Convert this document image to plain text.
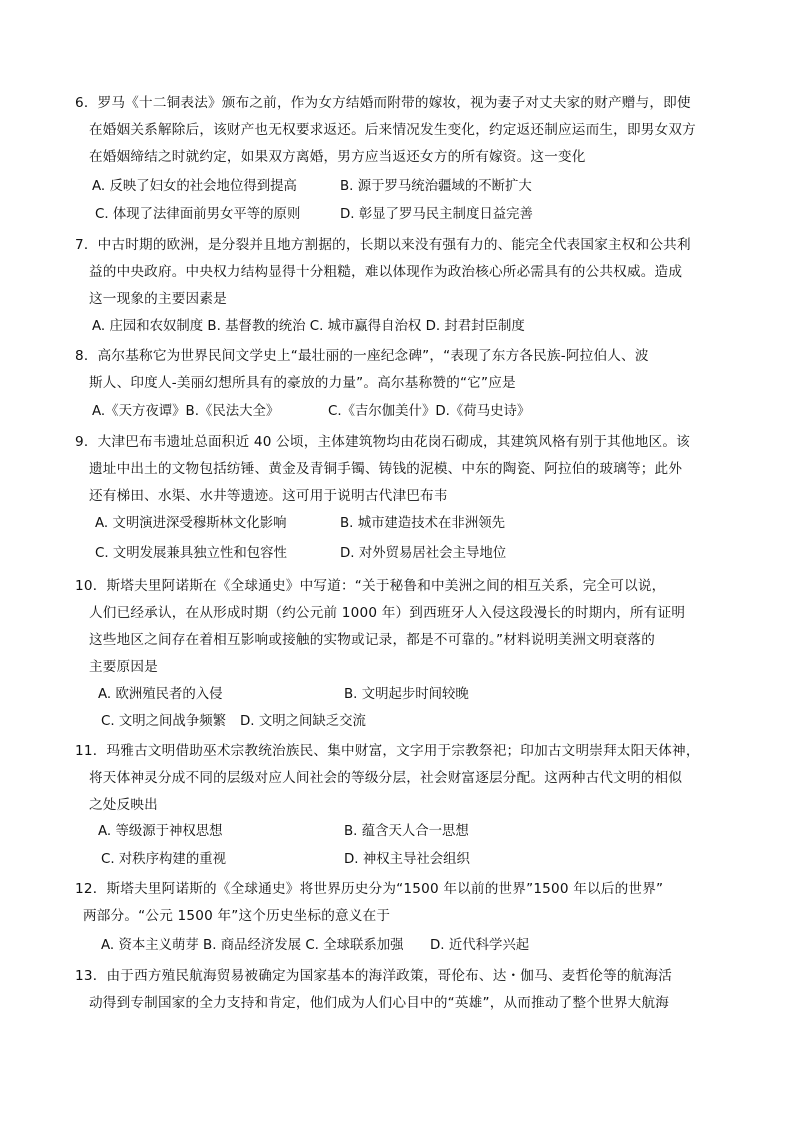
6．罗马《十二铜表法》颁布之前，作为女方结婚而附带的嫁妆，视为妻子对丈夫家的财产赠与，即使
在婚姻关系解除后，该财产也无权要求返还。后来情况发生变化，约定返还制应运而生，即男女双方
在婚姻缔结之时就约定，如果双方离婚，男方应当返还女方的所有嫁资。这一变化
A. 反映了妇女的社会地位得到提高	B. 源于罗马统治疆域的不断扩大
C. 体现了法律面前男女平等的原则	D. 彰显了罗马民主制度日益完善
7．中古时期的欧洲，是分裂并且地方割据的，长期以来没有强有力的、能完全代表国家主权和公共利
益的中央政府。中央权力结构显得十分粗糙，难以体现作为政治核心所必需具有的公共权威。造成
这一现象的主要因素是
A. 庄园和农奴制度 B. 基督教的统治 C. 城市赢得自治权 D. 封君封臣制度
8．高尔基称它为世界民间文学史上“最壮丽的一座纪念碑”，“表现了东方各民族-阿拉伯人、波
斯人、印度人-美丽幻想所具有的豪放的力量”。高尔基称赞的“它”应是
A.《天方夜谭》B.《民法大全》	C.《吉尔伽美什》D.《荷马史诗》
9．大津巴布韦遗址总面积近 40 公顷，主体建筑物均由花岗石砌成，其建筑风格有别于其他地区。该
遗址中出土的文物包括纺锤、黄金及青铜手镯、铸钱的泥模、中东的陶瓷、阿拉伯的玻璃等；此外
还有梯田、水渠、水井等遗迹。这可用于说明古代津巴布韦
A. 文明演进深受穆斯林文化影响	B. 城市建造技术在非洲领先
C. 文明发展兼具独立性和包容性	D. 对外贸易居社会主导地位
10．斯塔夫里阿诺斯在《全球通史》中写道：“关于秘鲁和中美洲之间的相互关系，完全可以说，
人们已经承认，在从形成时期（约公元前 1000 年）到西班牙人入侵这段漫长的时期内，所有证明
这些地区之间存在着相互影响或接触的实物或记录，都是不可靠的。”材料说明美洲文明衰落的
主要原因是
A. 欧洲殖民者的入侵	B. 文明起步时间较晚
C. 文明之间战争频繁 D. 文明之间缺乏交流
11．玛雅古文明借助巫术宗教统治族民、集中财富，文字用于宗教祭祀；印加古文明崇拜太阳天体神，
将天体神灵分成不同的层级对应人间社会的等级分层，社会财富逐层分配。这两种古代文明的相似
之处反映出
A. 等级源于神权思想	B. 蕴含天人合一思想
C. 对秩序构建的重视	D. 神权主导社会组织
12．斯塔夫里阿诺斯的《全球通史》将世界历史分为“1500 年以前的世界”1500 年以后的世界”
两部分。“公元 1500 年”这个历史坐标的意义在于
A. 资本主义萌芽 B. 商品经济发展 C. 全球联系加强 D. 近代科学兴起
13．由于西方殖民航海贸易被确定为国家基本的海洋政策，哥伦布、达・伽马、麦哲伦等的航海活
动得到专制国家的全力支持和肯定，他们成为人们心目中的“英雄”，从而推动了整个世界大航海
